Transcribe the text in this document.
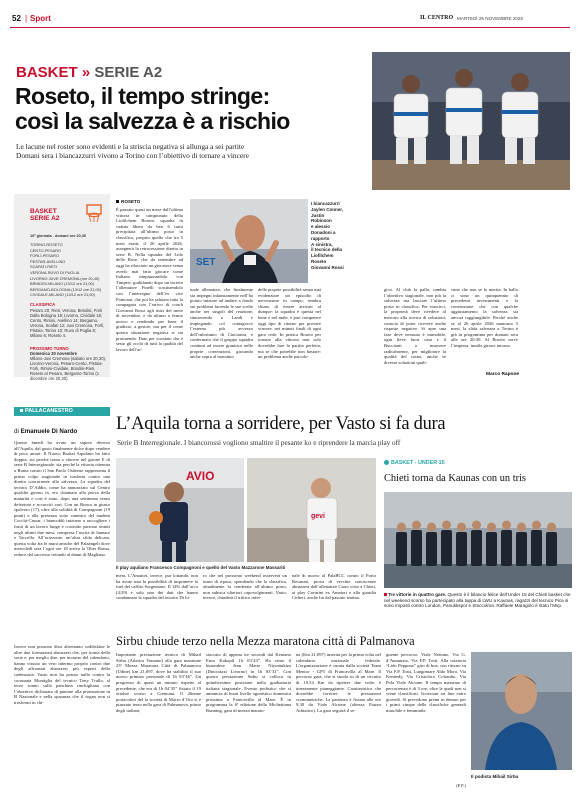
52 | Sport	IL CENTRO MARTEDÌ 25 NOVEMBRE 2025
BASKET » SERIE A2
Roseto, il tempo stringe:
così la salvezza è a rischio
Le lacune nel roster sono evidenti e la striscia negativa si allunga a sei partite
Domani sera i biancazzurri vivono a Torino con l’obiettivo di tornare a vincere
BASKET
SERIE A2
10ª giornata - domani ore 20,30
TORINO-ROSETO
CENTO-PESARO
FORLÌ-PESARO
PESTAR-AVELLINO
SCAFATI-RIETI
VERONA-RUVO DI PUGLIA
LIVORNO JUVE CREMONA (ore 20,45)
BRINDISI-MILANO (13/12 ore 21,00)
BERGAMO-BOLOGNA (13/12 ore 21,00)
CIVIDALE-MILANO (13/12 ore 21,00)
CLASSIFICA
Pesaro 20; Rieti, Verona, Brindisi, Forli Dalla Bologna 18; Livorno, Cividale 16; Cento, Rimini, Avellino 14; Bergamo, Verona, Scafati 12; Juvi Cremona, Forlì, Pistoia, Torino 10; Ruvo di Puglia 8; Milano 6; Roseto 4.
PROSSIMO TURNO
Domenica 30 novembre
Milano-Juvi Cremona (sabato ore 20,30), Livorno-Verona, Pesaro-Cento, Pistoia-Forli, Rimini-Cividale, Brindisi-Rieti, Roseto al Pesaro, Bergamo-Torino (1 dicembre ore 20,30).
ROSETO
È passato quasi un mese dall’ultima vittoria in campionato della Liofilchem Roseto, squadra in caduta libera da ben 6 turni precipitata all’ultimo posto in classifica, proprio quello che tra 5 mesi esatti, il 26 aprile 2026, assegnerà la retrocessione diretta in serie B. Nella squadra del Lido delle Rose, che da settembre ad oggi ha rilasciato un giocatore senza averlo mai fatto giocare come Italiano rimpiazzandolo con Timperi, giubilando dopo un incerto l’allenatore Finelli sostituendolo con l’interregno dell’ex vice Francani, che poi ha salutato tutta la compagnia con l’arrivo di coach Giovanni Rossi agli inizi del mese di novembre, e da ultimo a fermo nuovo e rendendo per bene il giudizio, a gestire, ma per il come questa situazione negativa si sta protraendo. Dato per scontato che è sesto gli occhi di tutti la qualità del lavoro dell’at-
SET
I biancazzurri
Jaylen Conner,
Justin
Robinson
e alessio
Donadoni a
rapporto
A sinistra,
il tecnico della
Liofilchem
Roseto
Giovanni Rossi
tuale allenatore, che finalmente sta impegni infaustamente nell’ha potuto iniziare ad andare a fondo sui problemi facendo le sue scelte anche nei singoli del reazione, rimuovendo a Landi e impiegando col contagocce l’esterno più avvezzo dell’infortunio di Cinciarini, e confermato che il gruppo squadra continui ad essere granitico nelle proprie convinzioni, giocando anche sopra al massimo
delle proprie possibilità senza mai evidenziare un episodio di nervosismo in campo, sembra chiaro di essere arrivati al dunque: la squadra è questa nel bene e nel male, e può competere oggi tipo di ritorno per provare vincere, nei minuti finali di ogni gara cede. In pratica Roseto per tornare alla vittoria non solo dovrebbe fare la partita perfetta, ma se che potrebbe non bastare: un problema anche psicolo-
gico. Al club la palla, cambia l’obiettivo stagionale, non più la salvezza ma lasciare l’ultimo posto in classifica. Per riuscirci, la proprietà deve rivedere al mercato alla ricerca di soluzioni, conscia di poter ricevere anche risposte negative. Si apre una fase deve nessuno è immobile, ogni lieve fuori casa e il Buccianti a muovere radicalmente, per migliorare la qualità del roster, anche se diverse soluzioni quali-
cuno che non se lo merita. In ballo ci sono un quinquennio di precedenti investimenti e la convinzione che con qualche aggiustamento la salvezza sia ancora raggiungibile. Perché anche se al 26 aprile 2026 mancano 5 mesi, la sfida salvezza a Torino è già in programma per domani sera alle ore 20:30. Al Roseto serve l’impresa, inutile girarci intorno.
Marco Rapone
PALLACANESTRO
di Emanuele Di Nardo
Questo lunedì ha avuto un sapore diverso all’Aquila, dal gusto finalmente dolce dopo vendere di poco amari. Il Nuovo Basket Aquilano ha fatto doppia, sia perché torna a vincere nel girone E di serie B Interregionale, sia perché la vittoria ottenuta a Roma contro il San Paolo Ostiense rappresenta il primo colpo stagionale in trasferta contro una diretta concorrente alla salvezza. La squadra del tecnico D’Addio, come ha annunciato sul Centro qualche giorno fa, era chiamata alla prova della maturità e così è stato, dopo una settimana senza defezioni e accucciti vari. Con un Ronca in giusto spolvero (17), oltre alla solidità di Compagnoni (19 punti) e alla presenza sotto canestro del tandem Cocchi-Cassar, i biancoblù iniziano a raccogliere i frutti di un lavoro lungo e costruito partono avanti negli ultimi due mesi, compresa l’uscita di Iannato e Taccella. All’orizzonte, un’altra sfida delicata, questa volta fra le mura amiche del Palaangeli dove mercoledì sera l’ogni ore 18 arriva la Tiber Roma, reduce dal successo rotondo al danni di Magliano.
Invece non possono dirsi altrettanto soddisfatte le altre due formazioni abruzzesi che, per ironia della sorte e, per meglio dire, per incastro del calendario, hanno vissuto un vero intermo proprio contro due degli affrontati abruzzesi più esperti della cadenzaria. Vasto non ha potuto nulla contro la corazzata Montiglia del tecnico Tony Trullo, al terzo sonno sulla panchina rinchigliana con l’obiettivo dichiarato di puntare alla promozione in B Nazionale e nella sparanza che il sogno non si trasformi in chi-
L’Aquila torna a sorridere, per Vasto si fa dura
Serie B Interregionale. I biancorossi vogliono smaltire il pesante ko e riprendere la marcia play off
AVIO
gevi
Il play aquilano Francesco Compagnoni e quello del Vasto Mazzarone Massariti
mera. L’Amatori, invece, pur lottando, non ha avuto mai la possibilità di imprimere la fuel del caffito Sorgentone. Il 14% dall’arco (4/29) e solo uno dei dati che hanno condannato la squadra del tecnico Di lu-
ro che nel prossimo weekend osserverà un turno di riposo, spendendo che la classifica, attualmente la cenderata all’ultimo posto, non subisca ulteriori capovolgimenti. Vasto, invece, chiuderà il trittico infer-
nale di nuovo al PalaBCC contro il Porto Recanati, prova di vecchie conoscenze abruzzesi dall’allenatore Cioro visto a Chieti, ai play Cavarini ex Amatori e alla guardia Cirberi, anche lui dal passato teatino.
BASKET - UNDER 15
Chieti torna da Kaunas con un tris
Tre vittorie in quattro gare. Questo è il bilancio felice dell’Under 15 del Chieti basket che nel weekend scorso ha partecipato alla tappa di LWU a Kaunas, ragazzi del tecnico Pica si sono imposti contro London, Panukkspor e Stoccolma. Raffaele Maragino è stato l’Mvp.
Sirbu chiude terzo nella Mezza maratona città di Palmanova
Importante prestazione tecnica di Mihail Sirbu (Atletica Vomano) alla gara maratone 23ª Mezza Maratona Città di Palmanova (Udine) km 21,097, dove ha stabilito il suo nuovo primato personale di 1h 03’46”. Un progresso di quasi un minuto rispetto al precedente, che era di 1h 04’35” fissato il 19 ottobre scorso a Cremona. Il 26enne portacolori del la società di Morro d’Oro si è piazzato terzo nella gara di Palmanova, primo degli italiani,
staccato di appena tre secondi dal Keniano Enos Kakopil 1h 03’43”. Ha vinto il burundese Jean Marie Niyomukiza (Dinicotaxi Livorno) in 1h 03’31”. Con questa prestazione Sirbu si colloca in quindicesima posizione nella graduatoria italiana stagionale. Evento podistico che si annuncia di buon livello agonistico domenica prossima a Francavilla al Mare. È in programma la 6ª edizione della Michettiana Running, gara di mezza marato-
na (Km 21,097) inserita per la prima volta nel calendario nazionale federale. L’organizzazione è curata dalla società Team Mentor - GPT di Francavilla al Mare. Il percorso gara, che si snoda su di un circuito di 10,54 Km da ripetere due volte, è interamente pianeggiante. Caratteristica che dovrebbe favorire le prestazioni cronometriche. La partenza è fissata alle ore 9,30 da Viale Alcione (altezza Piazza Adriatico). La gara seguirà il se-
guente percorso: Viale Nettuno, Via G. d’Annunzio, Via F.P. Tosti, Alla rotatoria “Lido Peppone” giro di boa, con ritorno su Via F.P. Tosti, Lungomare Aldo Moro, Via Kennedy, Via Cristoforo Colombo, Via Pola Viale Alcione. Il tempo massimo di percorrenza è di 3 ore, oltre le quali non si viene classificati. Iscrizioni on line entro giovedì. Si prevedono premi in denaro per i primi cinque delle classifiche generali maschile e femminile.
(F.F.)
Il podista Mihail Sirbu
